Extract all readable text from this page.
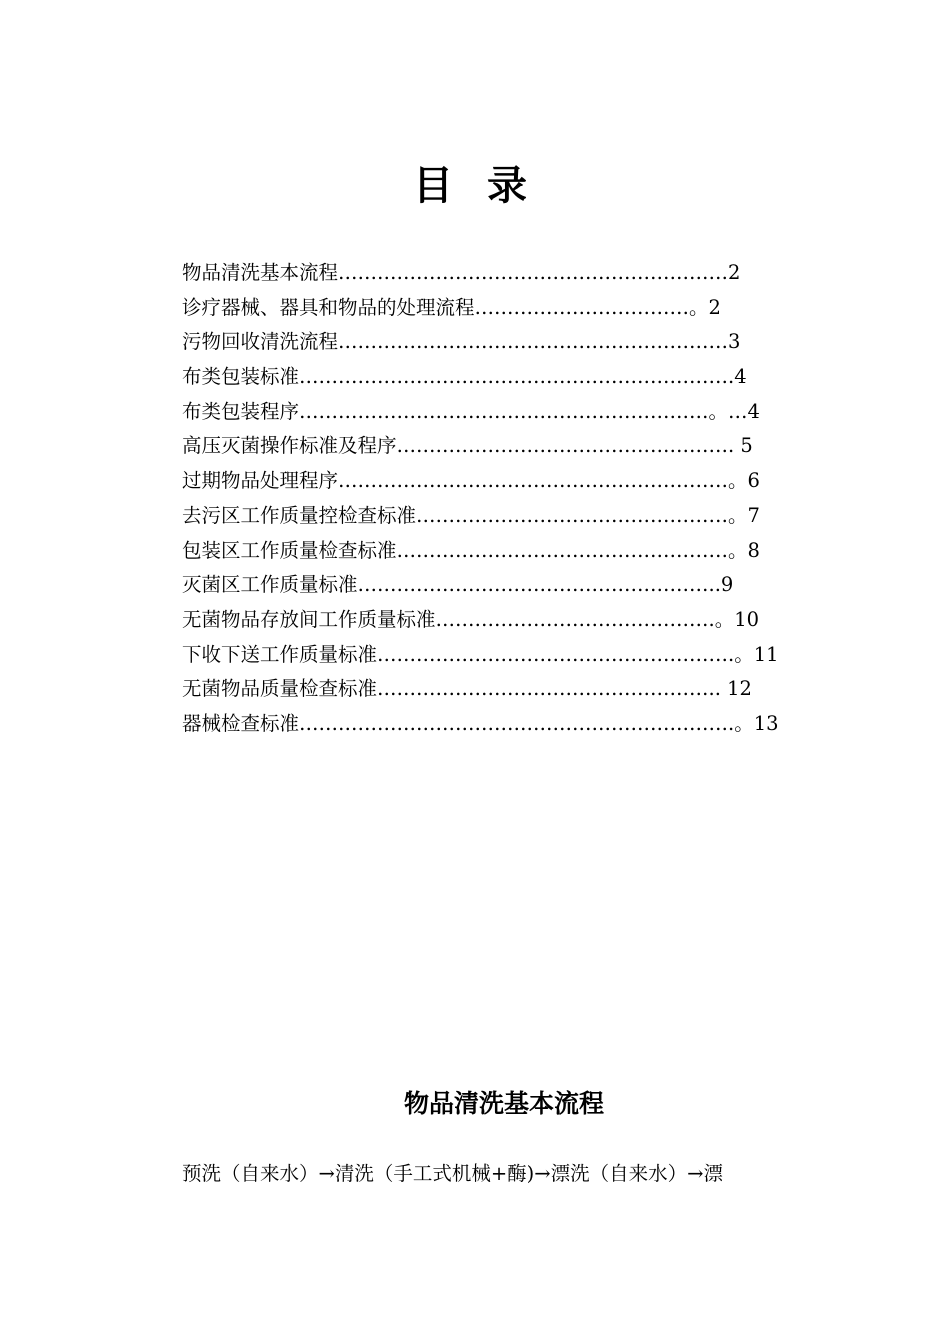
目 录
物品清洗基本流程……………………………………………………2
诊疗器械、器具和物品的处理流程……………………………。2
污物回收清洗流程……………………………………………………3
布类包装标准………………………………………………………….4
布类包装程序………………………………………………………。…4
高压灭菌操作标准及程序……………………………………………. 5
过期物品处理程序……………………………………………………。6
去污区工作质量控检查标准…………………………………………。7
包装区工作质量检查标准……………………………………………。8
灭菌区工作质量标准………………………………………………..9
无菌物品存放间工作质量标准…………………………………….。10
下收下送工作质量标准……………………………………………….。11
无菌物品质量检查标准…………………………………………….. 12
器械检查标准………………………………………………………….。13
物品清洗基本流程

预洗（自来水）→清洗（手工式机械+酶)→漂洗（自来水）→漂
